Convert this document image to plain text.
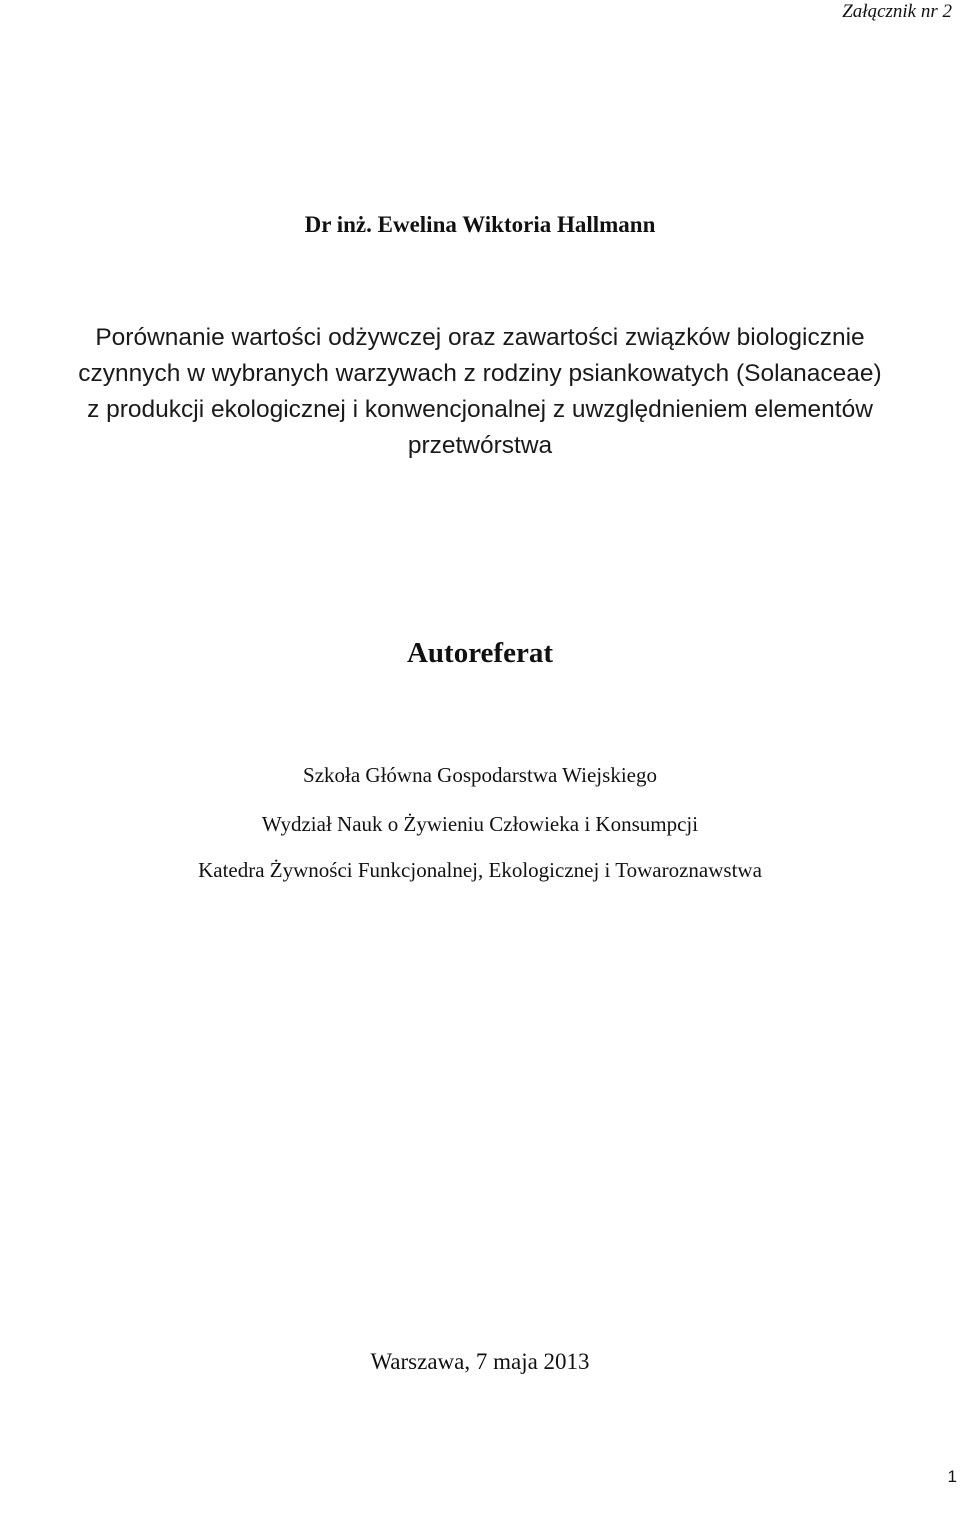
Załącznik nr 2
Dr inż. Ewelina Wiktoria Hallmann
Porównanie wartości odżywczej oraz zawartości związków biologicznie
czynnych w wybranych warzywach z rodziny psiankowatych (Solanaceae)
z produkcji ekologicznej i konwencjonalnej z uwzględnieniem elementów
przetwórstwa
Autoreferat
Szkoła Główna Gospodarstwa Wiejskiego
Wydział Nauk o Żywieniu Człowieka i Konsumpcji
Katedra Żywności Funkcjonalnej, Ekologicznej i Towaroznawstwa
Warszawa, 7 maja 2013
1
